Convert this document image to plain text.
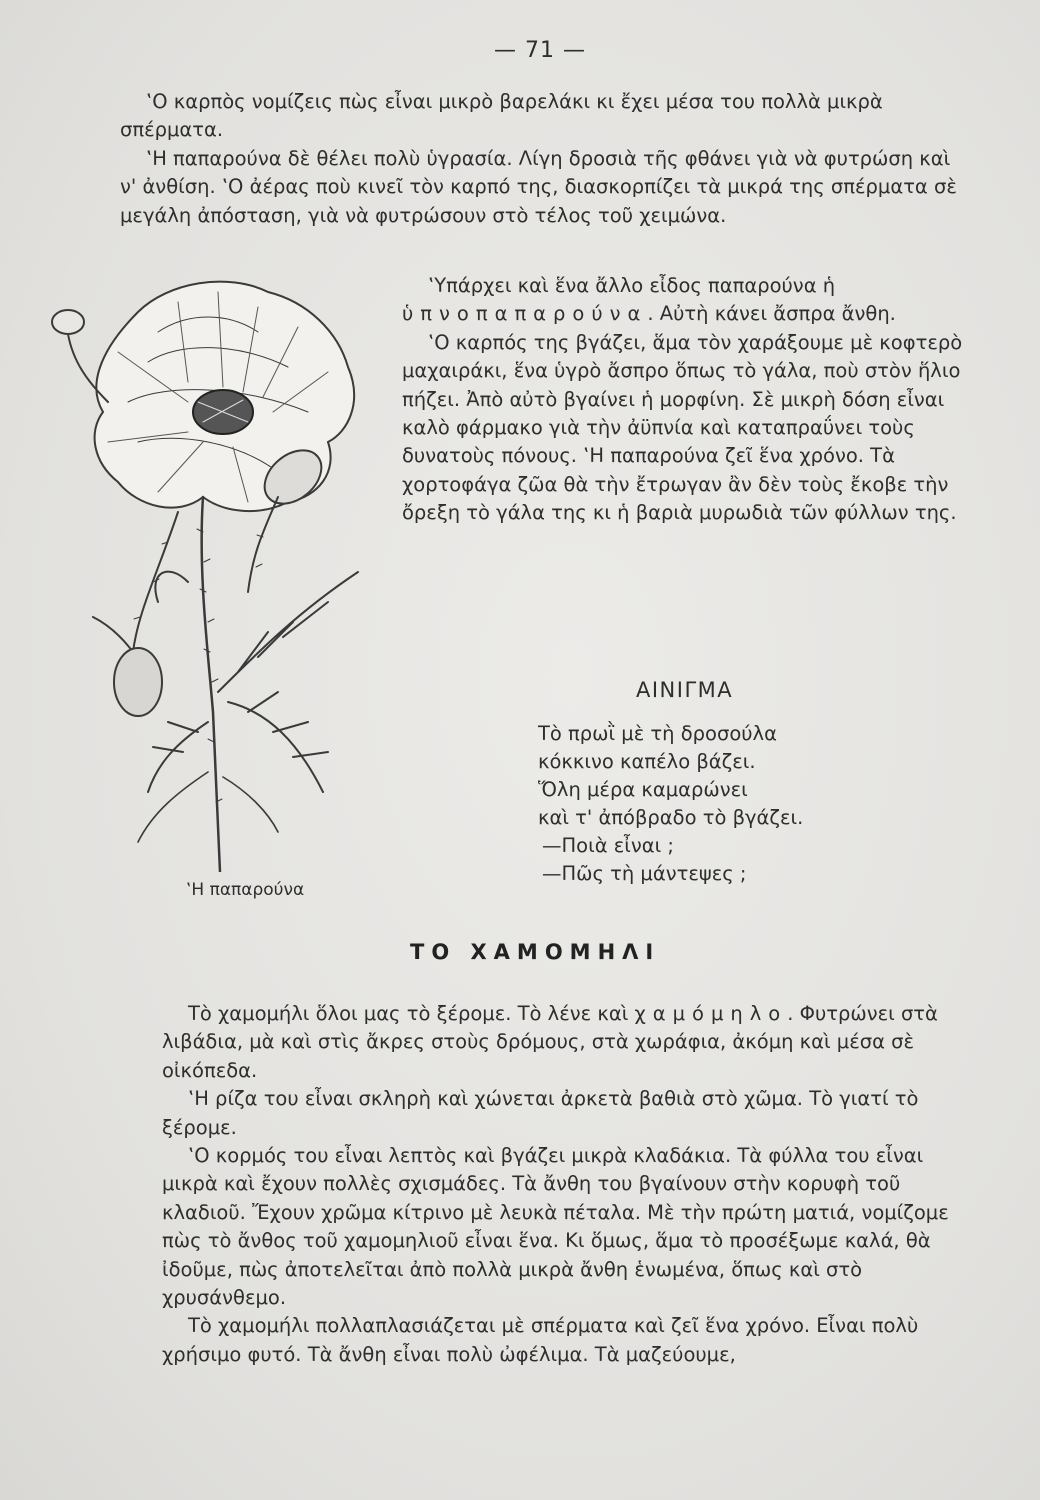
— 71 —

‛Ο καρπὸς νομίζεις πὼς εἶναι μικρὸ βαρελάκι κι ἔχει μέσα του πολλὰ μικρὰ σπέρματα.

‛Η παπαρούνα δὲ θέλει πολὺ ὑγρασία. Λίγη δροσιὰ τῆς φθάνει γιὰ νὰ φυτρώση καὶ ν' ἀνθίση. ‛Ο ἀέρας ποὺ κινεῖ τὸν καρπό της, διασκορπίζει τὰ μικρά της σπέρματα σὲ μεγάλη ἀπόσταση, γιὰ νὰ φυτρώσουν στὸ τέλος τοῦ χειμώνα.

‛Υπάρχει καὶ ἕνα ἄλλο εἶδος παπαρούνα ἡ ὑπνοπαπαρούνα. Αὐτὴ κάνει ἄσπρα ἄνθη.

‛Ο καρπός της βγάζει, ἅμα τὸν χαράξουμε μὲ κοφτερὸ μαχαιράκι, ἕνα ὑγρὸ ἄσπρο ὅπως τὸ γάλα, ποὺ στὸν ἥλιο πήζει. Ἀπὸ αὐτὸ βγαίνει ἡ μορφίνη. Σὲ μικρὴ δόση εἶναι καλὸ φάρμακο γιὰ τὴν ἀϋπνία καὶ καταπραΰνει τοὺς δυνατοὺς πόνους. ‛Η παπαρούνα ζεῖ ἕνα χρόνο. Τὰ χορτοφάγα ζῶα θὰ τὴν ἔτρωγαν ἂν δὲν τοὺς ἔκοβε τὴν ὄρεξη τὸ γάλα της κι ἡ βαριὰ μυρωδιὰ τῶν φύλλων της.

ΑΙΝΙΓΜΑ
Τὸ πρωῒ μὲ τὴ δροσούλα
κόκκινο καπέλο βάζει.
Ὅλη μέρα καμαρώνει
καὶ τ' ἀπόβραδο τὸ βγάζει.
—Ποιὰ εἶναι ;
—Πῶς τὴ μάντεψες ;
‛Η παπαρούνα
ΤΟ ΧΑΜΟΜΗΛΙ

Τὸ χαμομήλι ὅλοι μας τὸ ξέρομε. Τὸ λένε καὶ χαμόμηλο. Φυτρώνει στὰ λιβάδια, μὰ καὶ στὶς ἄκρες στοὺς δρόμους, στὰ χωράφια, ἀκόμη καὶ μέσα σὲ οἰκόπεδα.

‛Η ρίζα του εἶναι σκληρὴ καὶ χώνεται ἀρκετὰ βαθιὰ στὸ χῶμα. Τὸ γιατί τὸ ξέρομε.

‛Ο κορμός του εἶναι λεπτὸς καὶ βγάζει μικρὰ κλαδάκια. Τὰ φύλλα του εἶναι μικρὰ καὶ ἔχουν πολλὲς σχισμάδες. Τὰ ἄνθη του βγαίνουν στὴν κορυφὴ τοῦ κλαδιοῦ. Ἔχουν χρῶμα κίτρινο μὲ λευκὰ πέταλα. Μὲ τὴν πρώτη ματιά, νομίζομε πὼς τὸ ἄνθος τοῦ χαμομηλιοῦ εἶναι ἕνα. Κι ὅμως, ἅμα τὸ προσέξωμε καλά, θὰ ἰδοῦμε, πὼς ἀποτελεῖται ἀπὸ πολλὰ μικρὰ ἄνθη ἑνωμένα, ὅπως καὶ στὸ χρυσάνθεμο.

Τὸ χαμομήλι πολλαπλασιάζεται μὲ σπέρματα καὶ ζεῖ ἕνα χρόνο. Εἶναι πολὺ χρήσιμο φυτό. Τὰ ἄνθη εἶναι πολὺ ὠφέλιμα. Τὰ μαζεύουμε,
